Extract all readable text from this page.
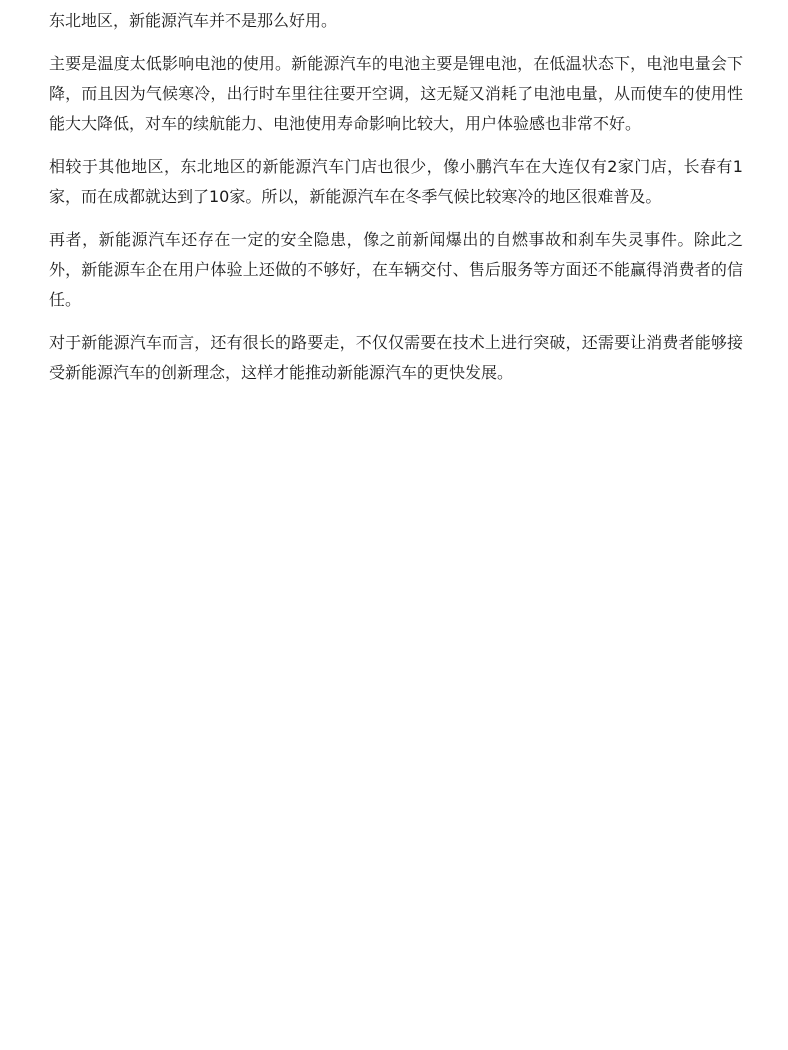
东北地区，新能源汽车并不是那么好用。

主要是温度太低影响电池的使用。新能源汽车的电池主要是锂电池，在低温状态下，电池电量会下降，而且因为气候寒冷，出行时车里往往要开空调，这无疑又消耗了电池电量，从而使车的使用性能大大降低，对车的续航能力、电池使用寿命影响比较大，用户体验感也非常不好。

相较于其他地区，东北地区的新能源汽车门店也很少，像小鹏汽车在大连仅有2家门店，长春有1家，而在成都就达到了10家。所以，新能源汽车在冬季气候比较寒冷的地区很难普及。

再者，新能源汽车还存在一定的安全隐患，像之前新闻爆出的自燃事故和刹车失灵事件。除此之外，新能源车企在用户体验上还做的不够好，在车辆交付、售后服务等方面还不能赢得消费者的信任。

对于新能源汽车而言，还有很长的路要走，不仅仅需要在技术上进行突破，还需要让消费者能够接受新能源汽车的创新理念，这样才能推动新能源汽车的更快发展。
